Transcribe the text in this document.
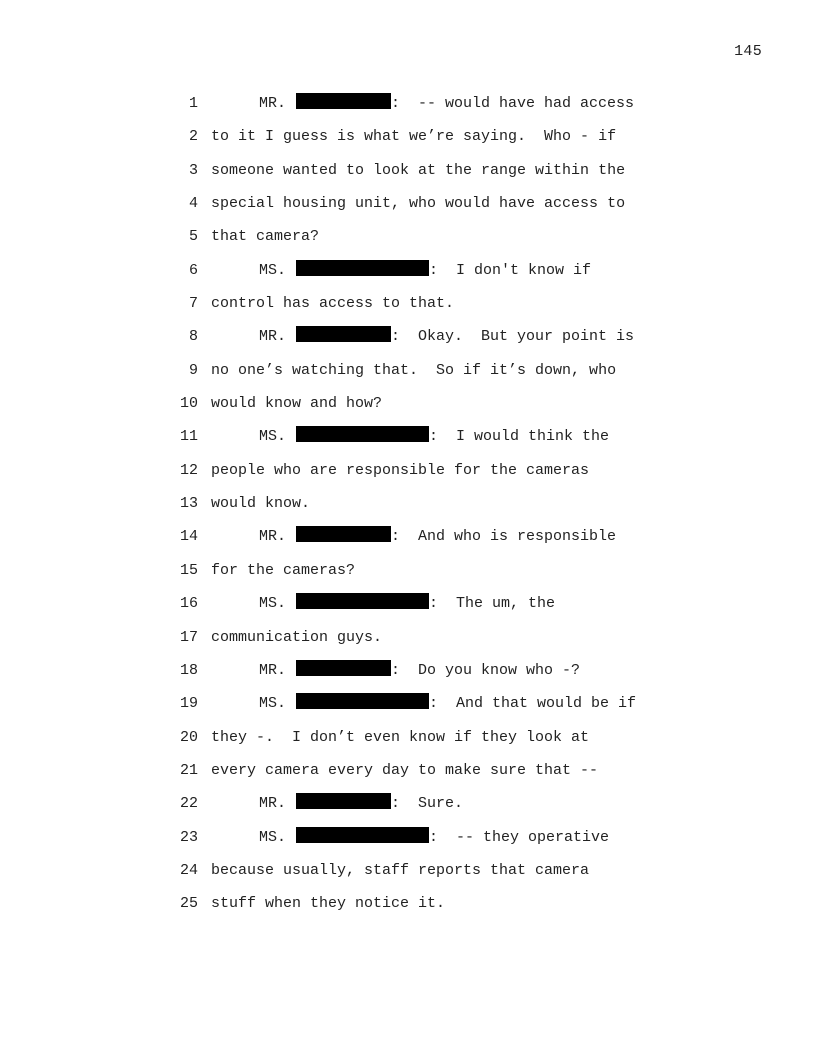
145
1	MR.	:  -- would have had access
2 to it I guess is what we’re saying.  Who - if
3 someone wanted to look at the range within the
4 special housing unit, who would have access to
5 that camera?
6	MS.	:  I don't know if
7 control has access to that.
8	MR.	:  Okay.  But your point is
9 no one’s watching that.  So if it’s down, who
10 would know and how?
11	MS.	:  I would think the
12 people who are responsible for the cameras
13 would know.
14	MR.	:  And who is responsible
15 for the cameras?
16	MS.	:  The um, the
17 communication guys.
18	MR.	:  Do you know who -?
19	MS.	:  And that would be if
20 they -.  I don’t even know if they look at
21 every camera every day to make sure that --
22	MR.	:  Sure.
23	MS.	:  -- they operative
24 because usually, staff reports that camera
25 stuff when they notice it.
